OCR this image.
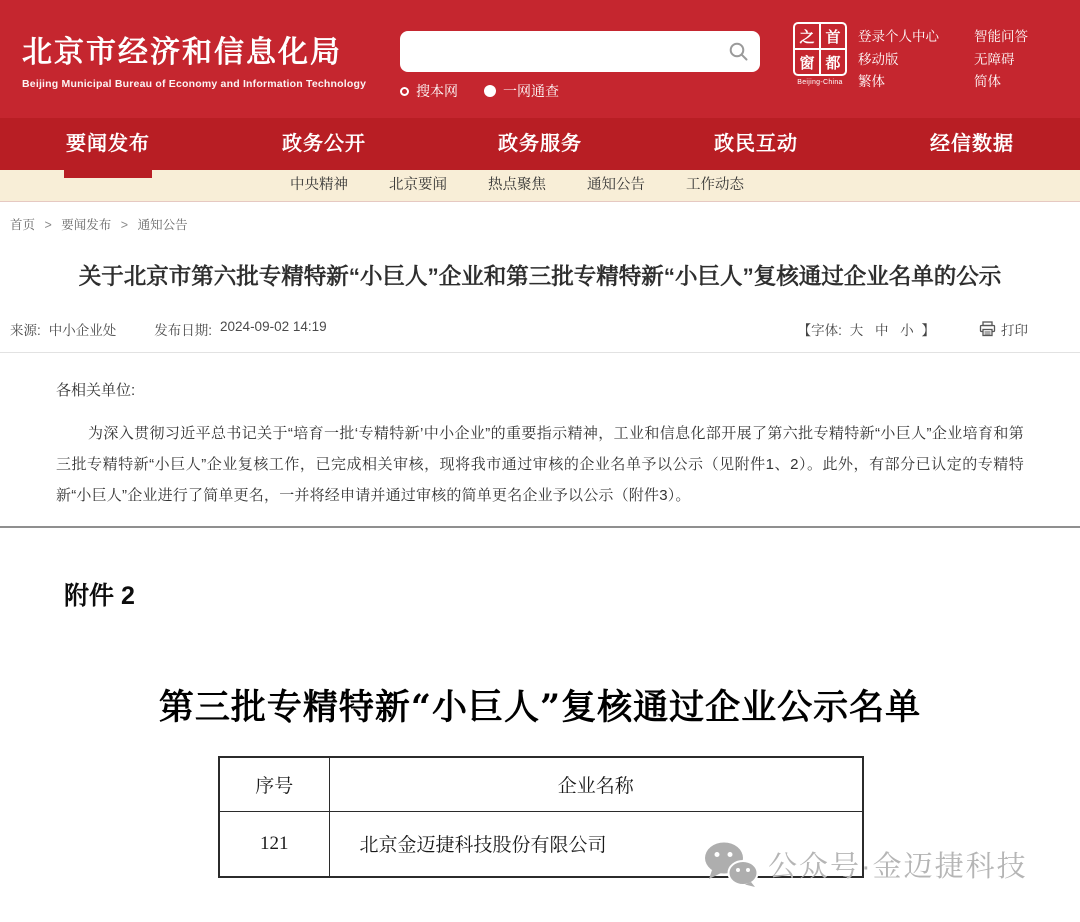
北京市经济和信息化局
Beijing Municipal Bureau of Economy and Information Technology	搜本网	一网通查
之 首
窗 都
Beijing-China
登录个人中心
移动版
繁体
智能问答
无障碍
简体
要闻发布	政务公开	政务服务	政民互动	经信数据
中央精神	北京要闻	热点聚焦	通知公告	工作动态
首页 > 要闻发布 > 通知公告
关于北京市第六批专精特新“小巨人”企业和第三批专精特新“小巨人”复核通过企业名单的公示
来源: 中小企业处	发布日期: 2024-09-02 14:19	【字体: 大 中 小 】	打印
各相关单位:
为深入贯彻习近平总书记关于“培育一批‘专精特新’中小企业”的重要指示精神，工业和信息化部开展了第六批专精特新“小巨人”企业培育和第三批专精特新“小巨人”企业复核工作，已完成相关审核，现将我市通过审核的企业名单予以公示（见附件1、2）。此外，有部分已认定的专精特新“小巨人”企业进行了简单更名，一并将经申请并通过审核的简单更名企业予以公示（附件3）。
附件 2
第三批专精特新“小巨人”复核通过企业公示名单
序号	企业名称
121	北京金迈捷科技股份有限公司
公众号·金迈捷科技
